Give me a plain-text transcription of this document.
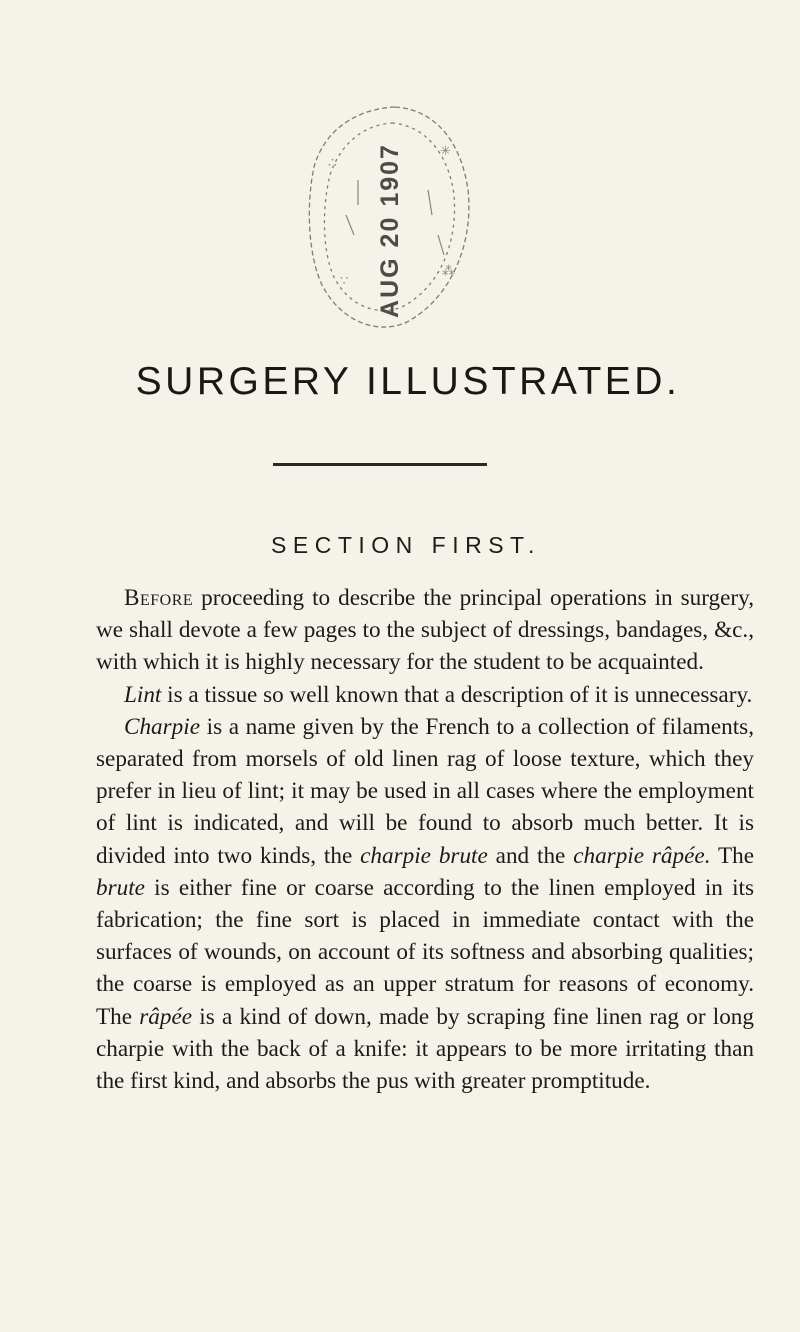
∴
✳
∵
⁂
AUG 20 1907
SURGERY ILLUSTRATED.
SECTION FIRST.

Before proceeding to describe the principal operations in surgery, we shall devote a few pages to the subject of dressings, bandages, &c., with which it is highly necessary for the student to be acquainted.

Lint is a tissue so well known that a description of it is unnecessary.

Charpie is a name given by the French to a collection of filaments, separated from morsels of old linen rag of loose texture, which they prefer in lieu of lint; it may be used in all cases where the employment of lint is indicated, and will be found to absorb much better. It is divided into two kinds, the charpie brute and the charpie râpée. The brute is either fine or coarse according to the linen employed in its fabrication; the fine sort is placed in immediate contact with the surfaces of wounds, on account of its softness and absorbing qualities; the coarse is employed as an upper stratum for reasons of economy. The râpée is a kind of down, made by scraping fine linen rag or long charpie with the back of a knife: it appears to be more irritating than the first kind, and absorbs the pus with greater promptitude.
